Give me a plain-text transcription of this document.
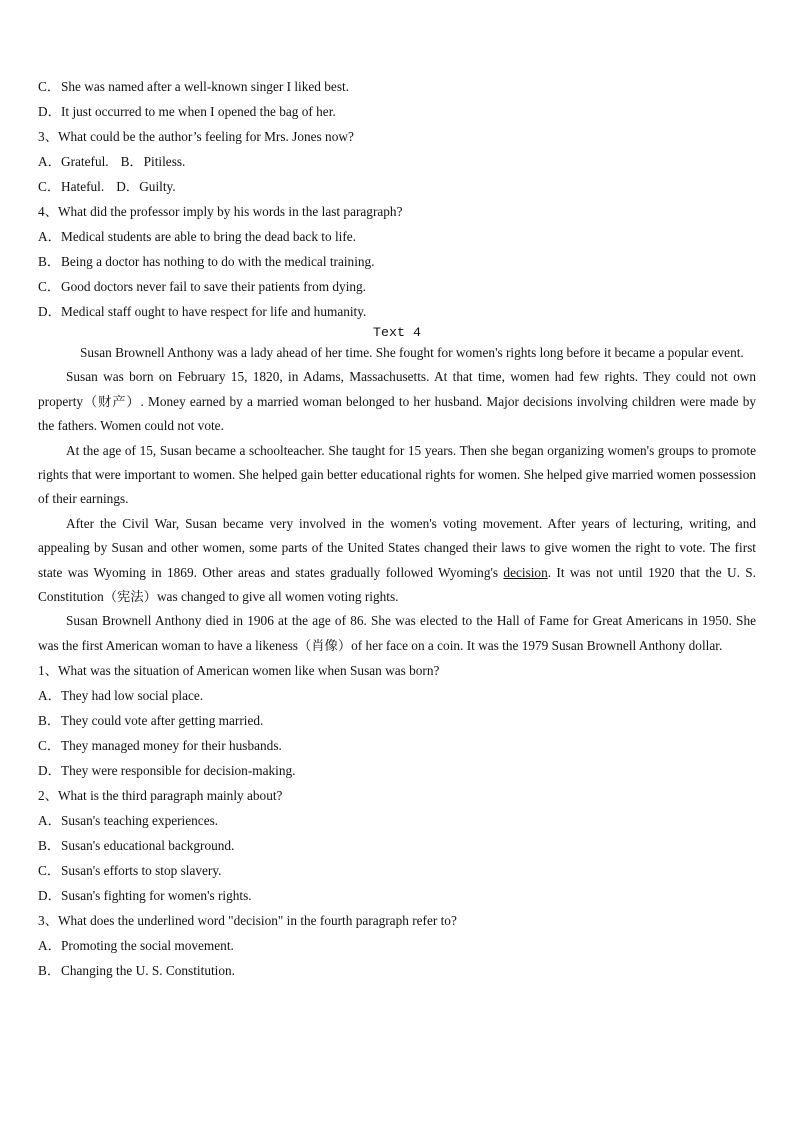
C．She was named after a well-known singer I liked best.
D．It just occurred to me when I opened the bag of her.
3、What could be the author’s feeling for Mrs. Jones now?
A．Grateful. B．Pitiless.
C．Hateful. D．Guilty.
4、What did the professor imply by his words in the last paragraph?
A．Medical students are able to bring the dead back to life.
B．Being a doctor has nothing to do with the medical training.
C．Good doctors never fail to save their patients from dying.
D．Medical staff ought to have respect for life and humanity.
Text 4

Susan Brownell Anthony was a lady ahead of her time. She fought for women's rights long before it became a popular event.

Susan was born on February 15, 1820, in Adams, Massachusetts. At that time, women had few rights. They could not own property（财产）. Money earned by a married woman belonged to her husband. Major decisions involving children were made by the fathers. Women could not vote.

At the age of 15, Susan became a schoolteacher. She taught for 15 years. Then she began organizing women's groups to promote rights that were important to women. She helped gain better educational rights for women. She helped give married women possession of their earnings.

After the Civil War, Susan became very involved in the women's voting movement. After years of lecturing, writing, and appealing by Susan and other women, some parts of the United States changed their laws to give women the right to vote. The first state was Wyoming in 1869. Other areas and states gradually followed Wyoming's decision. It was not until 1920 that the U. S. Constitution（宪法）was changed to give all women voting rights.

Susan Brownell Anthony died in 1906 at the age of 86. She was elected to the Hall of Fame for Great Americans in 1950. She was the first American woman to have a likeness（肖像）of her face on a coin. It was the 1979 Susan Brownell Anthony dollar.

1、What was the situation of American women like when Susan was born?
A．They had low social place.
B．They could vote after getting married.
C．They managed money for their husbands.
D．They were responsible for decision-making.
2、What is the third paragraph mainly about?
A．Susan's teaching experiences.
B．Susan's educational background.
C．Susan's efforts to stop slavery.
D．Susan's fighting for women's rights.
3、What does the underlined word "decision" in the fourth paragraph refer to?
A．Promoting the social movement.
B．Changing the U. S. Constitution.
